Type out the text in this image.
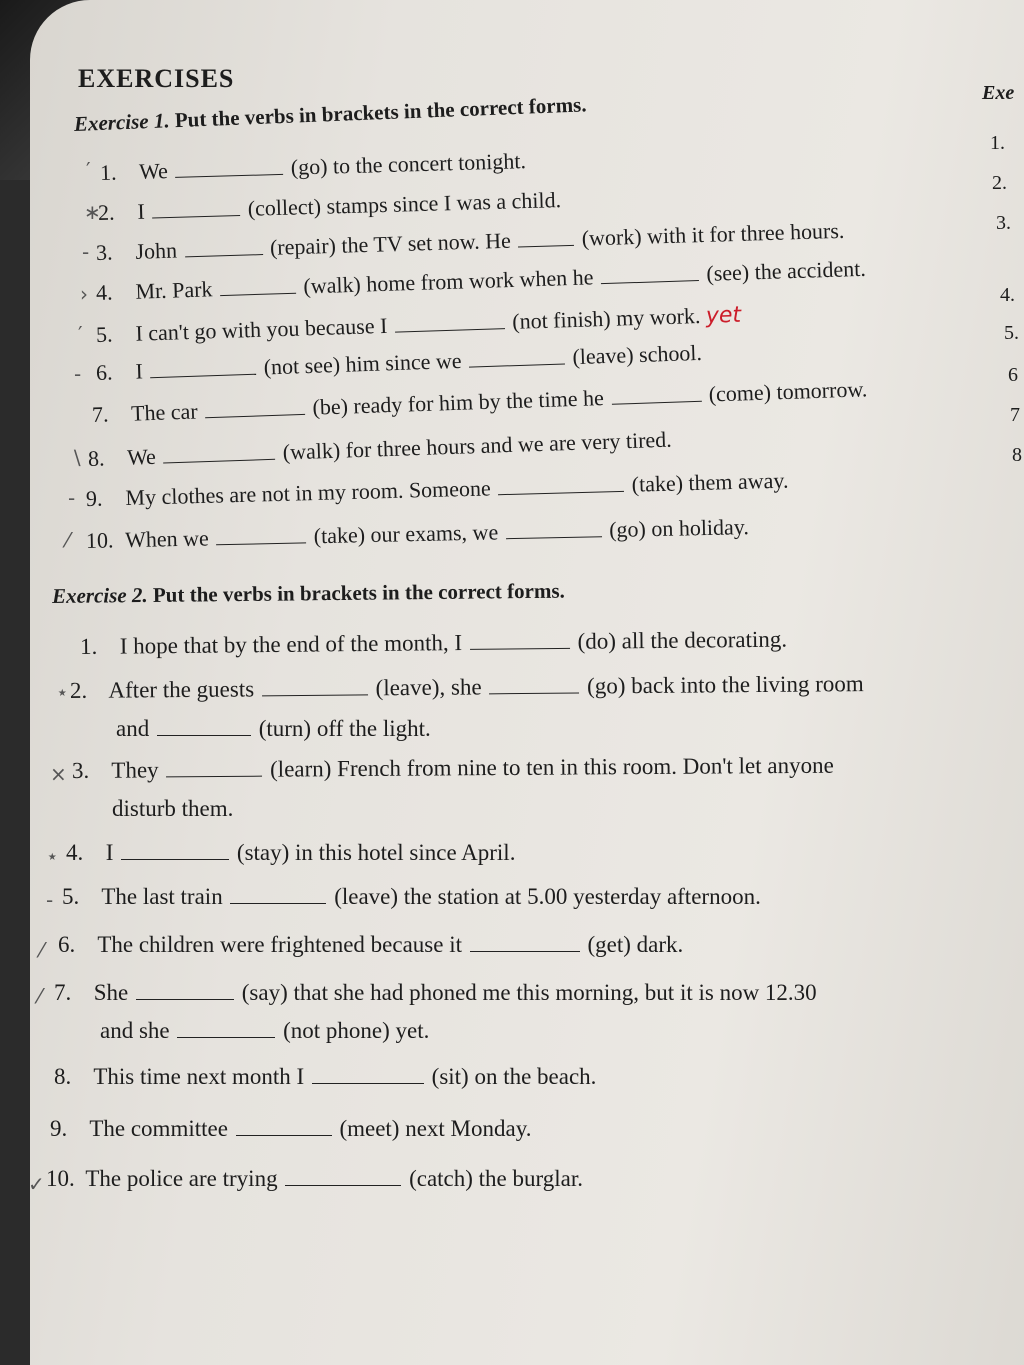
EXERCISES
Exercise 1. Put the verbs in brackets in the correct forms.
1. We	(go) to the concert tonight.
2. I	(collect) stamps since I was a child.
3. John	(repair) the TV set now. He	(work) with it for three hours.
4. Mr. Park	(walk) home from work when he	(see) the accident.
5. I can't go with you because I	(not finish) my work. yet
6. I	(not see) him since we	(leave) school.
7. The car	(be) ready for him by the time he	(come) tomorrow.
8. We	(walk) for three hours and we are very tired.
9. My clothes are not in my room. Someone	(take) them away.
10. When we	(take) our exams, we	(go) on holiday.
Exercise 2. Put the verbs in brackets in the correct forms.
1. I hope that by the end of the month, I	(do) all the decorating.
2. After the guests	(leave), she	(go) back into the living room
and	(turn) off the light.
3. They	(learn) French from nine to ten in this room. Don't let anyone
disturb them.
4. I	(stay) in this hotel since April.
5. The last train	(leave) the station at 5.00 yesterday afternoon.
6. The children were frightened because it	(get) dark.
7. She	(say) that she had phoned me this morning, but it is now 12.30
and she	(not phone) yet.
8. This time next month I	(sit) on the beach.
9. The committee	(meet) next Monday.
10. The police are trying	(catch) the burglar.
′
∗
-
›
′
-
∖
-
⁄
⋆
×
⋆
-
⁄
⁄
✓
Exe
1.
2.
3.
4.
5.
6
7
8
